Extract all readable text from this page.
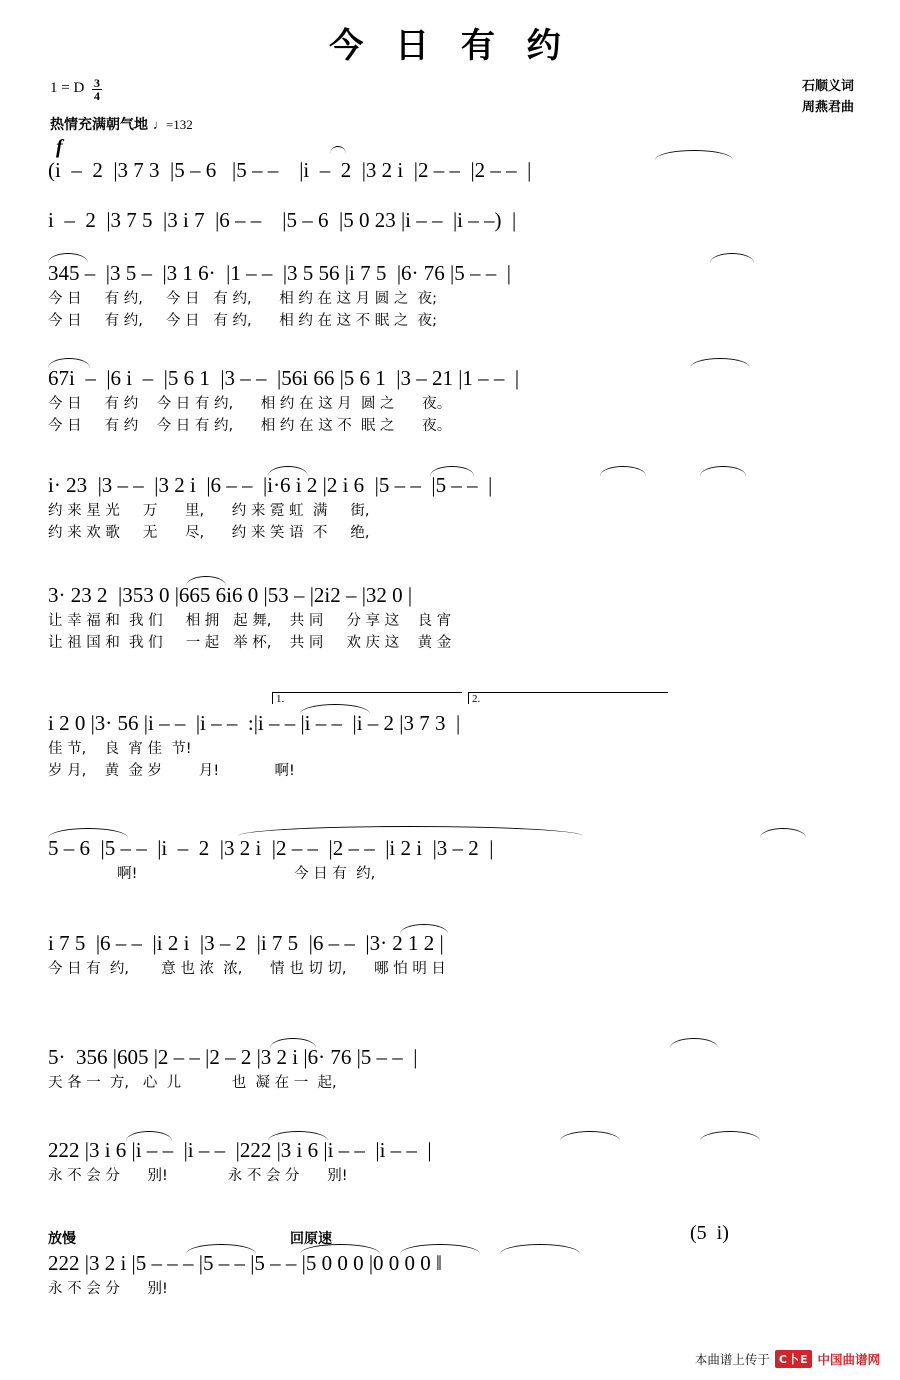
今 日 有 约
1 = D $\frac{3}{4}$
热情充满朝气地 ♩=132
石顺义词
周燕君曲
f
(i  –  2  |3 7 3  |5 – 6   |5 – –    |i  –  2  |3 2 i  |2 – –  |2 – –  |
i  –  2  |3 7 5  |3 i 7  |6 – –    |5 – 6  |5 0 23 |i – –  |i – –)  |
345 –  |3 5 –  |3 1 6·  |1 – –  |3 5 56 |i 7 5  |6· 76 |5 – –  |
今 日     有 约,     今 日   有 约,      相 约 在 这 月 圆 之  夜;
今 日     有 约,     今 日   有 约,      相 约 在 这 不 眠 之  夜;
67i  –  |6 i  –  |5 6 1  |3 – –  |56i 66 |5 6 1  |3 – 21 |1 – –  |
今 日     有 约    今 日 有 约,      相 约 在 这 月  圆 之      夜。
今 日     有 约    今 日 有 约,      相 约 在 这 不  眠 之      夜。
i· 23  |3 – –  |3 2 i  |6 – –  |i·6 i 2 |2 i 6  |5 – –  |5 – –  |
约 来 星 光     万      里,      约 来 霓 虹  满     街,
约 来 欢 歌     无      尽,      约 来 笑 语  不     绝,
3· 23 2  |353 0 |665 6i6 0 |53 – |2i2 – |32 0 |
让 幸 福 和  我 们     相 拥   起 舞,    共 同     分 享 这    良 宵
让 祖 国 和  我 们     一 起   举 杯,    共 同     欢 庆 这    黄 金
i 2 0 |3· 56 |i – –  |i – –  :|i – – |i – –  |i – 2 |3 7 3  |
佳 节,    良  宵 佳  节!
岁 月,    黄  金 岁        月!            啊!
1.	2.
5 – 6  |5 – –  |i  –  2  |3 2 i  |2 – –  |2 – –  |i 2 i  |3 – 2  |
啊!                                  今 日 有  约,
i 7 5  |6 – –  |i 2 i  |3 – 2  |i 7 5  |6 – –  |3· 2 1 2 |
今 日 有  约,       意 也 浓  浓,      情 也 切 切,      哪 怕 明 日
5·  356 |605 |2 – – |2 – 2 |3 2 i |6· 76 |5 – –  |
天 各 一  方,   心  儿           也  凝 在 一  起,
222 |3 i 6 |i – –  |i – –  |222 |3 i 6 |i – –  |i – –  |
永 不 会 分      别!             永 不 会 分      别!
放慢	回原速	(5  i)
222 |3 2 i |5 – – – |5 – – |5 – – |5 0 0 0 |0 0 0 0 ‖
永 不 会 分      别!
本曲谱上传于 C卜E 中国曲谱网
